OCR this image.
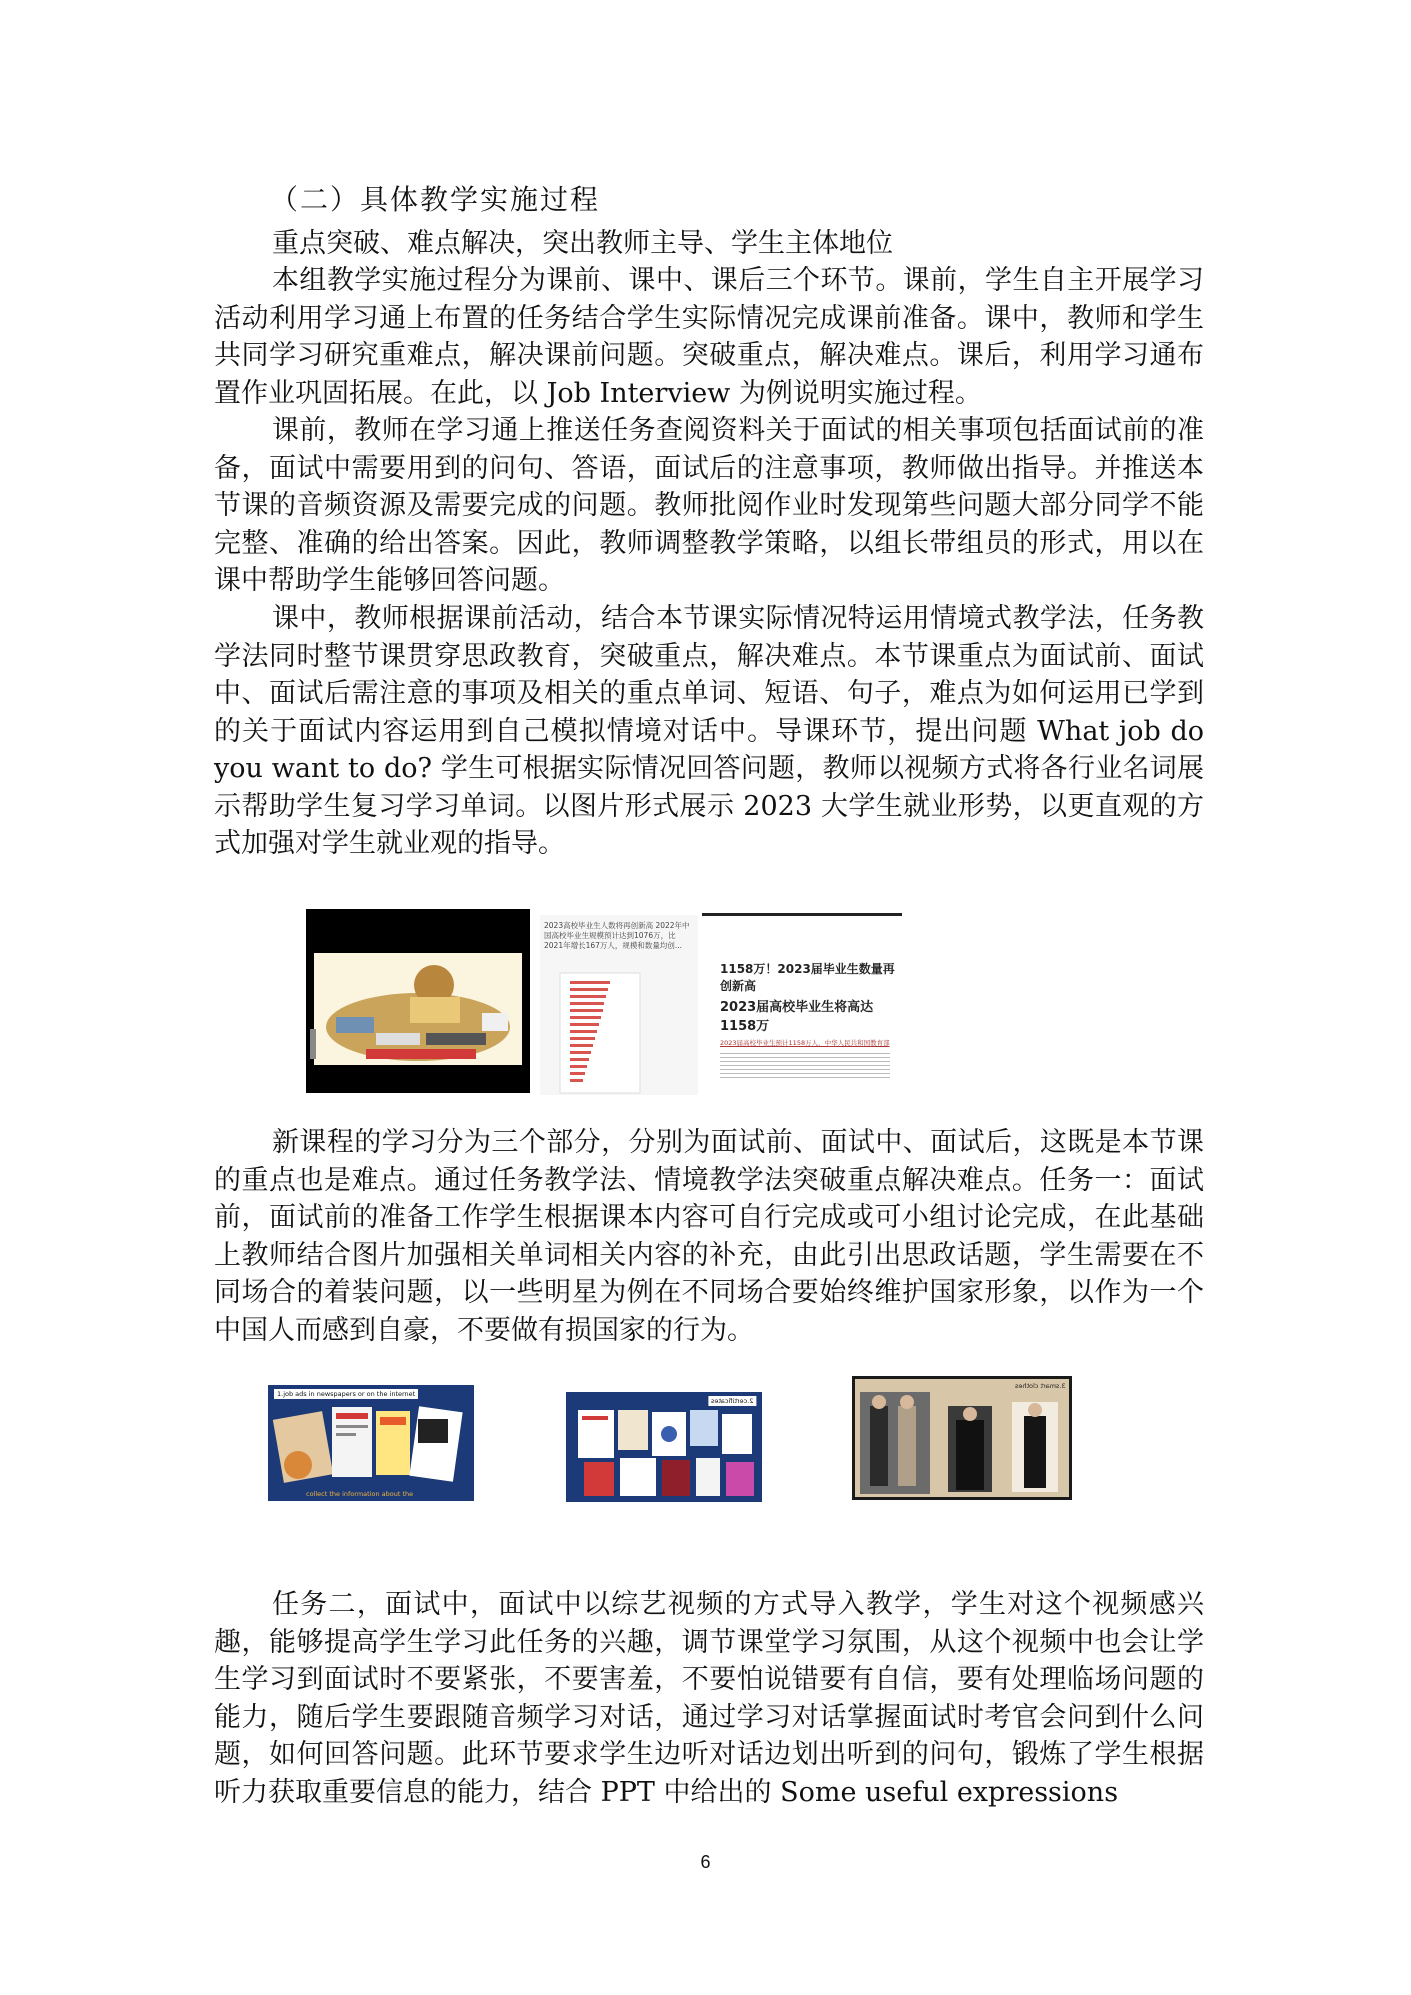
（二）具体教学实施过程

重点突破、难点解决，突出教师主导、学生主体地位

本组教学实施过程分为课前、课中、课后三个环节。课前，学生自主开展学习活动利用学习通上布置的任务结合学生实际情况完成课前准备。课中，教师和学生共同学习研究重难点，解决课前问题。突破重点，解决难点。课后，利用学习通布置作业巩固拓展。在此，以 Job Interview 为例说明实施过程。

课前，教师在学习通上推送任务查阅资料关于面试的相关事项包括面试前的准备，面试中需要用到的问句、答语，面试后的注意事项，教师做出指导。并推送本节课的音频资源及需要完成的问题。教师批阅作业时发现第些问题大部分同学不能完整、准确的给出答案。因此，教师调整教学策略，以组长带组员的形式，用以在课中帮助学生能够回答问题。

课中，教师根据课前活动，结合本节课实际情况特运用情境式教学法，任务教学法同时整节课贯穿思政教育，突破重点，解决难点。本节课重点为面试前、面试中、面试后需注意的事项及相关的重点单词、短语、句子，难点为如何运用已学到的关于面试内容运用到自己模拟情境对话中。导课环节，提出问题 What job do you want to do? 学生可根据实际情况回答问题，教师以视频方式将各行业名词展示帮助学生复习学习单词。以图片形式展示 2023 大学生就业形势，以更直观的方式加强对学生就业观的指导。

2023高校毕业生人数将再创新高 2022年中国高校毕业生规模预计达到1076万，比2021年增长167万人，规模和数量均创...
1158万！2023届毕业生数量再创新高
2023届高校毕业生将高达1158万
2023届高校毕业生预计1158万人，中华人民共和国教育部

新课程的学习分为三个部分，分别为面试前、面试中、面试后，这既是本节课的重点也是难点。通过任务教学法、情境教学法突破重点解决难点。任务一：面试前，面试前的准备工作学生根据课本内容可自行完成或可小组讨论完成，在此基础上教师结合图片加强相关单词相关内容的补充，由此引出思政话题，学生需要在不同场合的着装问题，以一些明星为例在不同场合要始终维护国家形象，以作为一个中国人而感到自豪，不要做有损国家的行为。

1.job ads in newspapers or on the internet
collect the information about the
2.certificates
3.smart clothes

任务二，面试中，面试中以综艺视频的方式导入教学，学生对这个视频感兴趣，能够提高学生学习此任务的兴趣，调节课堂学习氛围，从这个视频中也会让学生学习到面试时不要紧张，不要害羞，不要怕说错要有自信，要有处理临场问题的能力，随后学生要跟随音频学习对话，通过学习对话掌握面试时考官会问到什么问题，如何回答问题。此环节要求学生边听对话边划出听到的问句，锻炼了学生根据听力获取重要信息的能力，结合 PPT 中给出的 Some useful expressions

6
